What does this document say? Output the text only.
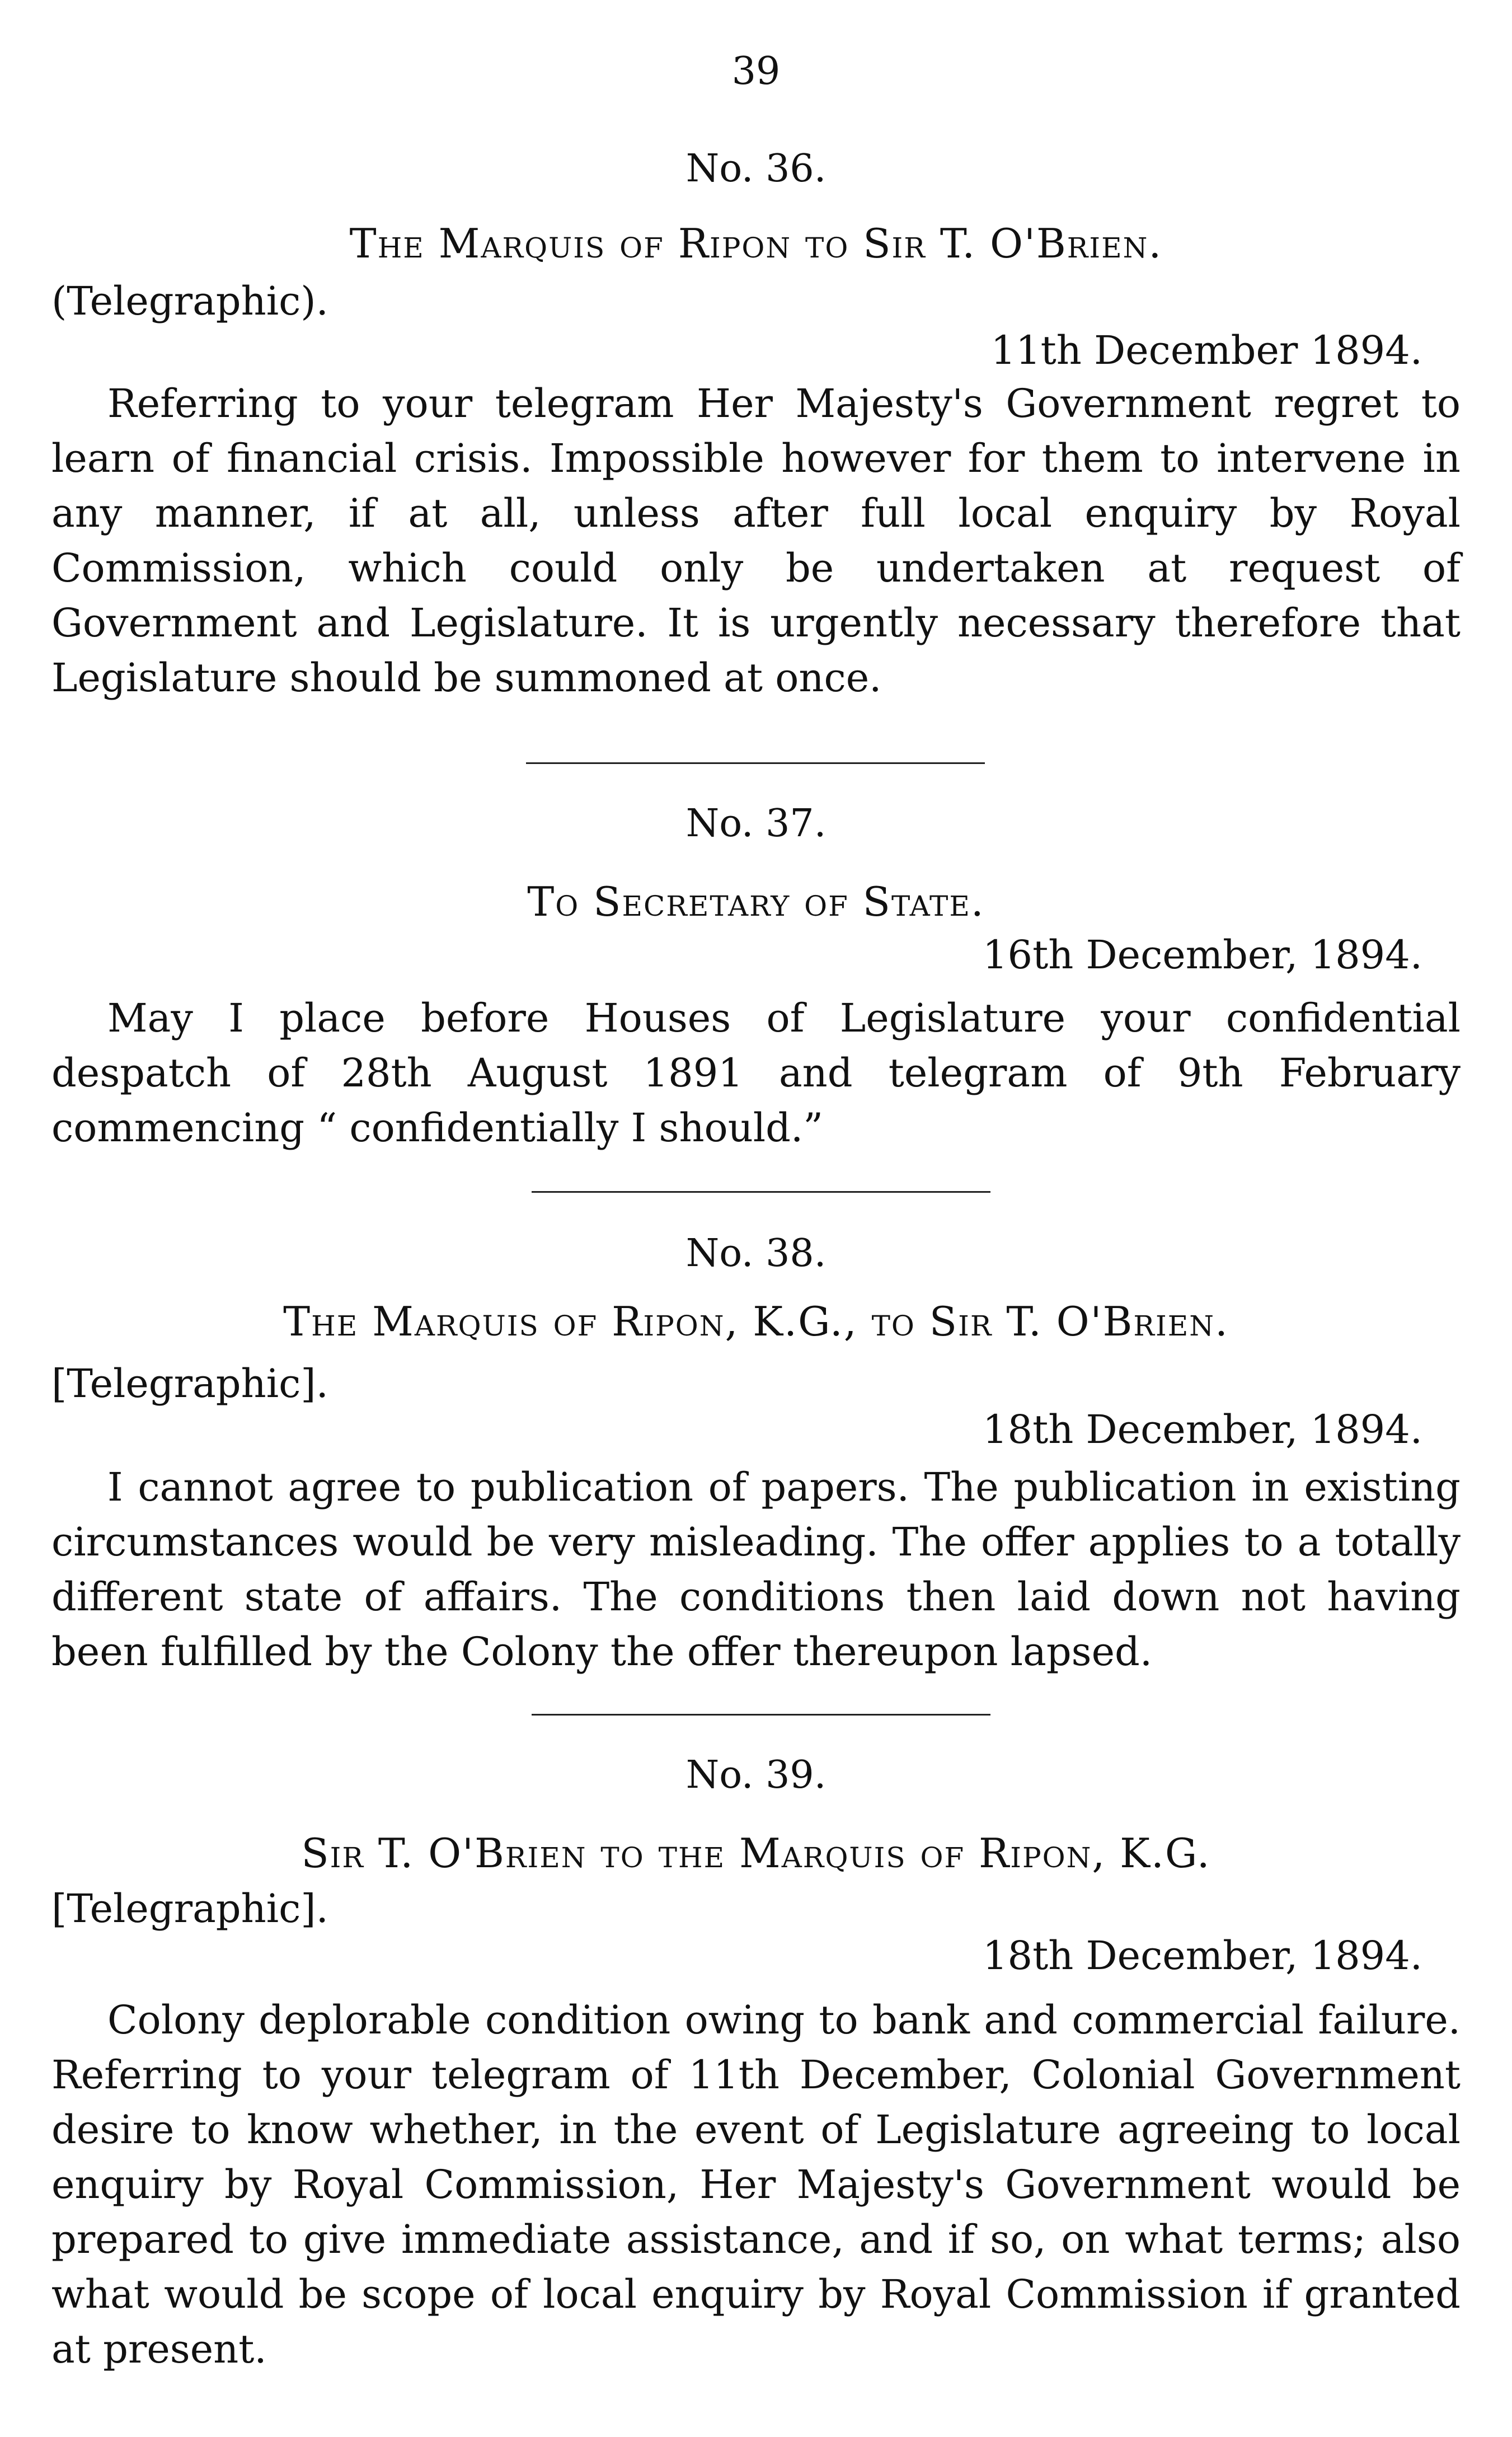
39
No. 36.
The Marquis of Ripon to Sir T. O'Brien.
(Telegraphic).
11th December 1894.
Referring to your telegram Her Majesty's Government regret to learn of financial crisis. Impossible however for them to intervene in any manner, if at all, unless after full local enquiry by Royal Commission, which could only be undertaken at request of Government and Legislature. It is urgently necessary therefore that Legislature should be summoned at once.
No. 37.
To Secretary of State.
16th December, 1894.
May I place before Houses of Legislature your confidential despatch of 28th August 1891 and telegram of 9th February commencing “ confidentially I should.”
No. 38.
The Marquis of Ripon, K.G., to Sir T. O'Brien.
[Telegraphic].
18th December, 1894.
I cannot agree to publication of papers. The publication in existing circumstances would be very misleading. The offer applies to a totally different state of affairs. The conditions then laid down not having been fulfilled by the Colony the offer thereupon lapsed.
No. 39.
Sir T. O'Brien to the Marquis of Ripon, K.G.
[Telegraphic].
18th December, 1894.
Colony deplorable condition owing to bank and commercial failure. Referring to your telegram of 11th December, Colonial Government desire to know whether, in the event of Legislature agreeing to local enquiry by Royal Commission, Her Majesty's Government would be prepared to give immediate assistance, and if so, on what terms; also what would be scope of local enquiry by Royal Commission if granted at present.
